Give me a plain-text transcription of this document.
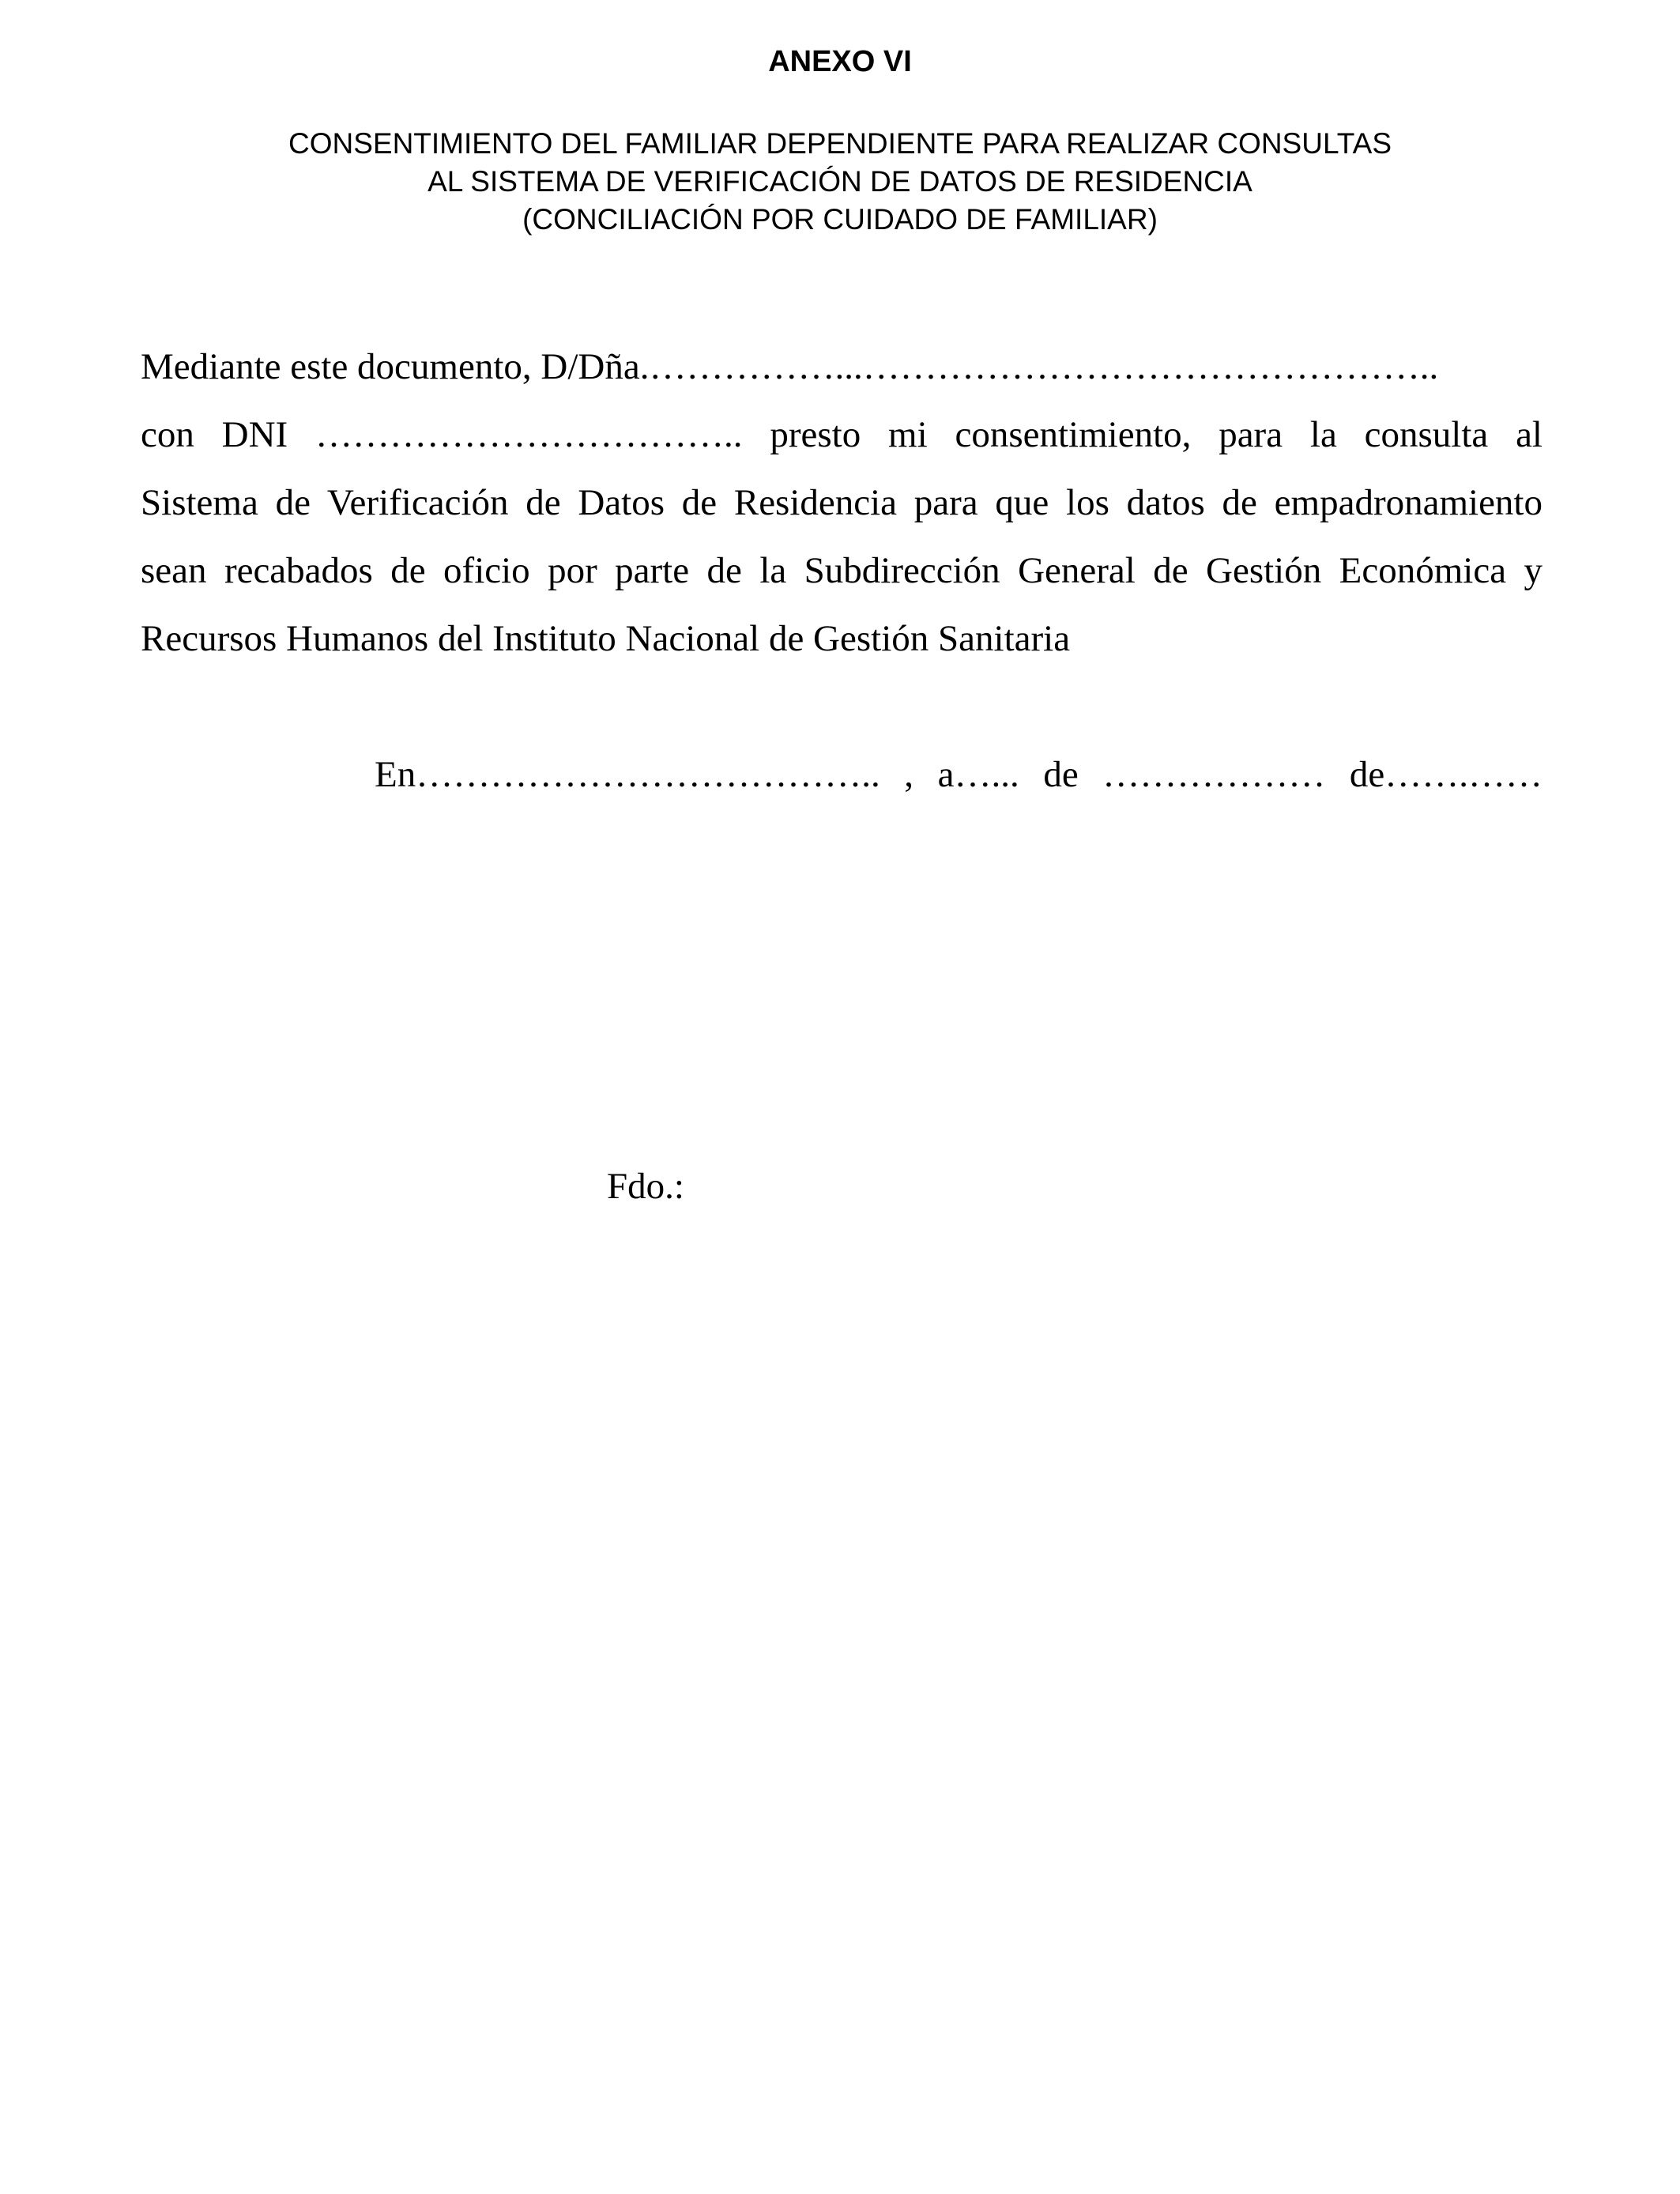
ANEXO VI
CONSENTIMIENTO DEL FAMILIAR DEPENDIENTE PARA REALIZAR CONSULTAS
AL SISTEMA DE VERIFICACIÓN DE DATOS DE RESIDENCIA
(CONCILIACIÓN POR CUIDADO DE FAMILIAR)
Mediante este documento, D/Dña.……………...………………………………………..
con DNI …………………………….. presto mi consentimiento, para la consulta al
Sistema de Verificación de Datos de Residencia para que los datos de empadronamiento
sean recabados de oficio por parte de la Subdirección General de Gestión Económica y
Recursos Humanos del Instituto Nacional de Gestión Sanitaria
En……………………………….. , a…... de ……………… de…….……
Fdo.:
